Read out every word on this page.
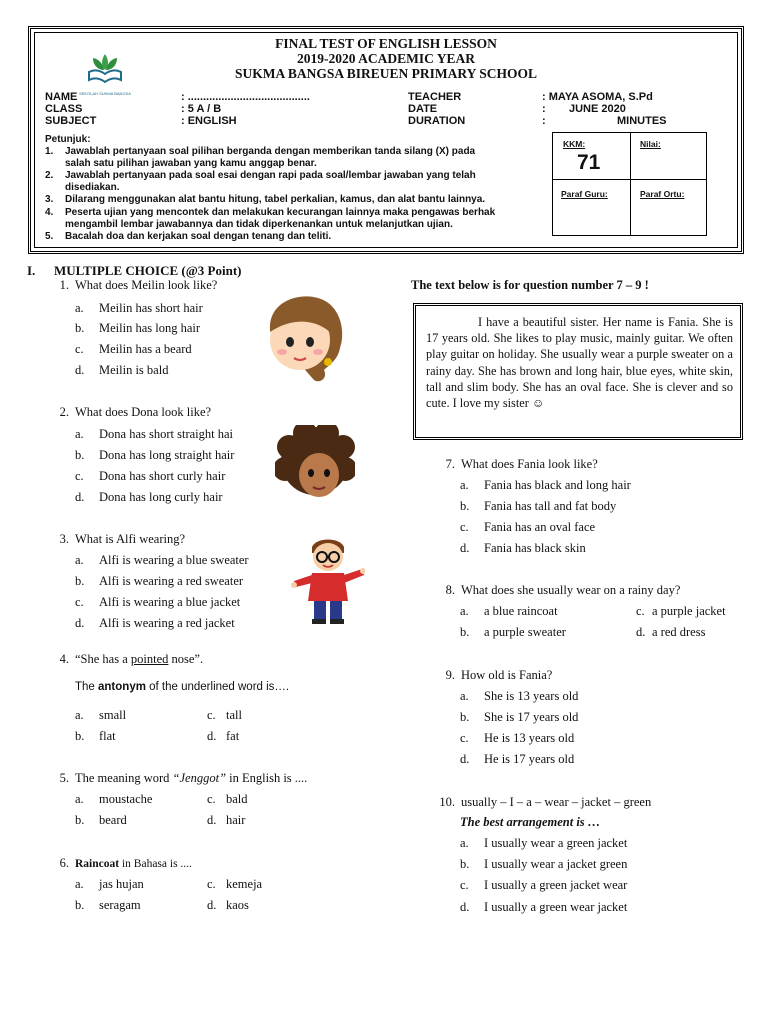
FINAL TEST OF ENGLISH LESSON
2019-2020 ACADEMIC YEAR
SUKMA BANGSA BIREUEN PRIMARY SCHOOL
SEKOLAH SUKMA BANGSA
NAME	: ........................................
CLASS	: 5 A / B
SUBJECT	: ENGLISH
TEACHER	: MAYA ASOMA, S.Pd
DATE	: JUNE 2020
DURATION	:	MINUTES
Petunjuk:
1. Jawablah pertanyaan soal pilihan berganda dengan memberikan tanda silang (X) pada
salah satu pilihan jawaban yang kamu anggap benar.
2. Jawablah pertanyaan pada soal esai dengan rapi pada soal/lembar jawaban yang telah
disediakan.
3. Dilarang menggunakan alat bantu hitung, tabel perkalian, kamus, dan alat bantu lainnya.
4. Peserta ujian yang mencontek dan melakukan kecurangan lainnya maka pengawas berhak
mengambil lembar jawabannya dan tidak diperkenankan untuk melanjutkan ujian.
5. Bacalah doa dan kerjakan soal dengan tenang dan teliti.
KKM:
71
Nilai:
Paraf Guru:	Paraf Ortu:
I. MULTIPLE CHOICE (@3 Point)
1. What does Meilin look like?
a. Meilin has short hair
b. Meilin has long hair
c. Meilin has a beard
d. Meilin is bald
2. What does Dona look like?
a. Dona has short straight hai
b. Dona has long straight hair
c. Dona has short curly hair
d. Dona has long curly hair
3. What is Alfi wearing?
a. Alfi is wearing a blue sweater
b. Alfi is wearing a red sweater
c. Alfi is wearing a blue jacket
d. Alfi is wearing a red jacket
4. “She has a pointed nose”.
The antonym of the underlined word is….
a. small	c. tall
b. flat	d. fat
5. The meaning word “Jenggot” in English is ....
a. moustache	c. bald
b. beard	d. hair
6. Raincoat in Bahasa is ....
a. jas hujan	c. kemeja
b. seragam	d. kaos
The text below is for question number 7 – 9 !
I have a beautiful sister. Her name is Fania. She is 17 years old. She likes to play music, mainly guitar. We often play guitar on holiday. She usually wear a purple sweater on a rainy day. She has brown and long hair, blue eyes, white skin, tall and slim body. She has an oval face. She is clever and so cute. I love my sister ☺
7. What does Fania look like?
a. Fania has black and long hair
b. Fania has tall and fat body
c. Fania has an oval face
d. Fania has black skin
8. What does she usually wear on a rainy day?
a. a blue raincoat	c. a purple jacket
b. a purple sweater	d. a red dress
9. How old is Fania?
a. She is 13 years old
b. She is 17 years old
c. He is 13 years old
d. He is 17 years old
10. usually – I – a – wear – jacket – green
The best arrangement is …
a. I usually wear a green jacket
b. I usually wear a jacket green
c. I usually a green jacket wear
d. I usually a green wear jacket
